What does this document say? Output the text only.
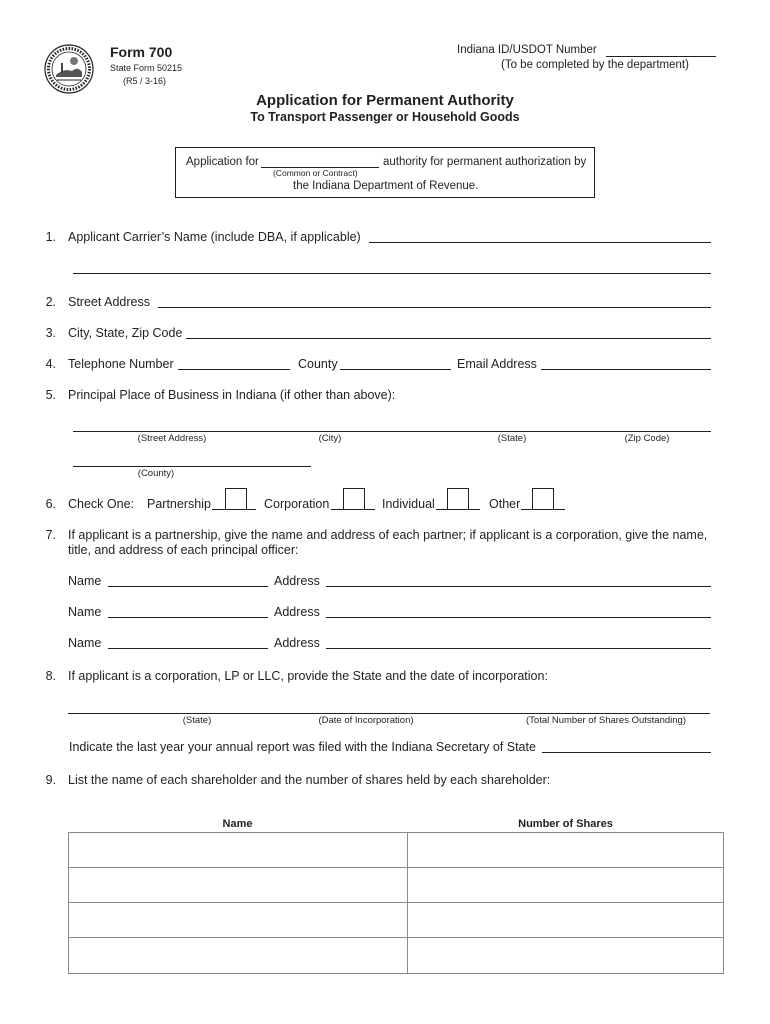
Form 700
State Form 50215
(R5 / 3-16)
Indiana ID/USDOT Number
(To be completed by the department)
Application for Permanent Authority
To Transport Passenger or Household Goods
Application for
(Common or Contract)
authority for permanent authorization by
the Indiana Department of Revenue.
1. Applicant Carrier’s Name (include DBA, if applicable)
2. Street Address
3. City, State, Zip Code
4. Telephone Number	County	Email Address
5. Principal Place of Business in Indiana (if other than above):
(Street Address)	(City)	(State)	(Zip Code)
(County)
6. Check One: Partnership	Corporation	Individual	Other
7. If applicant is a partnership, give the name and address of each partner; if applicant is a corporation, give the name,
title, and address of each principal officer:
Name	Address
Name	Address
Name	Address
8. If applicant is a corporation, LP or LLC, provide the State and the date of incorporation:
(State)	(Date of Incorporation)	(Total Number of Shares Outstanding)
Indicate the last year your annual report was filed with the Indiana Secretary of State
9. List the name of each shareholder and the number of shares held by each shareholder:
Name	Number of Shares
